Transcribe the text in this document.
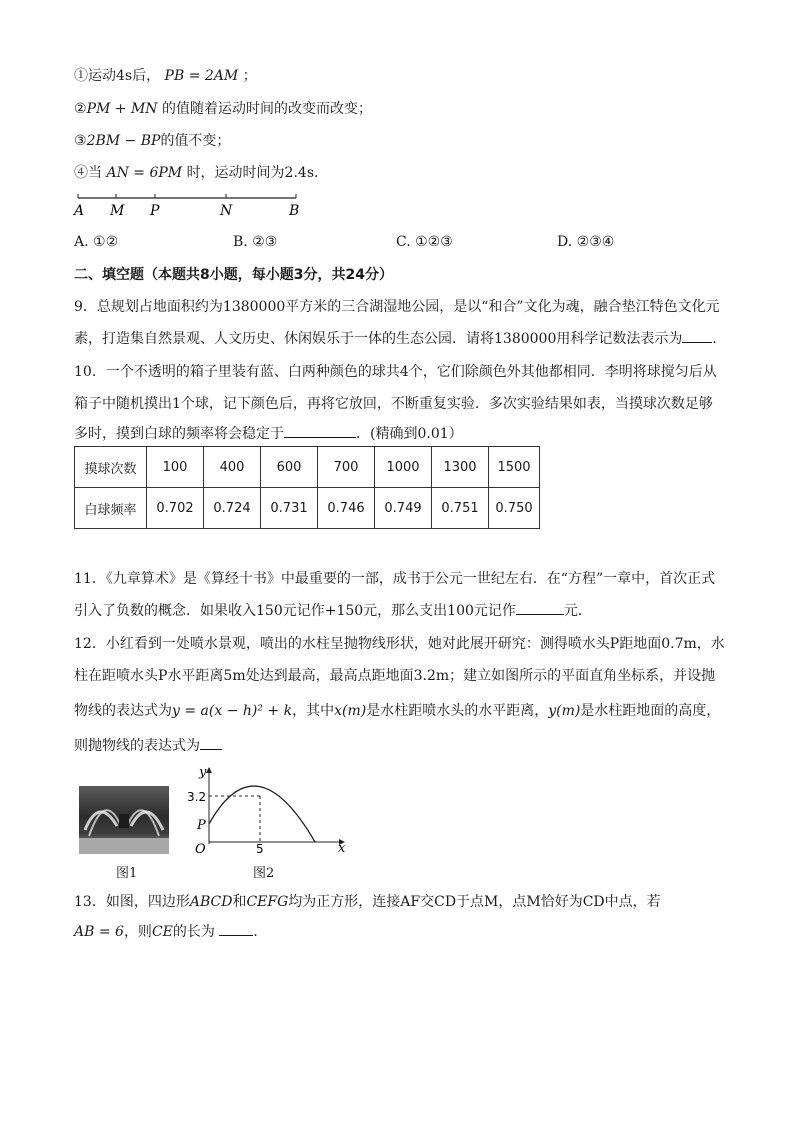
①运动4s后， PB = 2AM ；
②PM + MN 的值随着运动时间的改变而改变；
③2BM − BP的值不变；
④当 AN = 6PM 时，运动时间为2.4s．
A M P	N	B
A. ①②	B. ②③	C. ①②③	D. ②③④
二、填空题（本题共8小题，每小题3分，共24分）
9．总规划占地面积约为1380000平方米的三合湖湿地公园，是以“和合”文化为魂，融合垫江特色文化元
素，打造集自然景观、人文历史、休闲娱乐于一体的生态公园．请将1380000用科学记数法表示为 ．
10．一个不透明的箱子里装有蓝、白两种颜色的球共4个，它们除颜色外其他都相同．李明将球搅匀后从
箱子中随机摸出1个球，记下颜色后，再将它放回，不断重复实验．多次实验结果如表，当摸球次数足够
多时，摸到白球的频率将会稳定于	．(精确到0.01）
摸球次数	100	400	600	700	1000	1300	1500
白球频率	0.702	0.724	0.731	0.746	0.749	0.751	0.750
11．《九章算术》是《算经十书》中最重要的一部，成书于公元一世纪左右．在“方程”一章中，首次正式
引入了负数的概念．如果收入150元记作+150元，那么支出100元记作	元．
12．小红看到一处喷水景观，喷出的水柱呈抛物线形状，她对此展开研究：测得喷水头P距地面0.7m，水
柱在距喷水头P水平距离5m处达到最高，最高点距地面3.2m；建立如图所示的平面直角坐标系，并设抛
物线的表达式为y = a(x − h)² + k，其中x(m)是水柱距喷水头的水平距离，y(m)是水柱距地面的高度，
则抛物线的表达式为
图1
y
x
O
3.2
5
P
图2
13．如图，四边形ABCD和CEFG均为正方形，连接AF交CD于点M，点M恰好为CD中点，若
AB = 6，则CE的长为	．
